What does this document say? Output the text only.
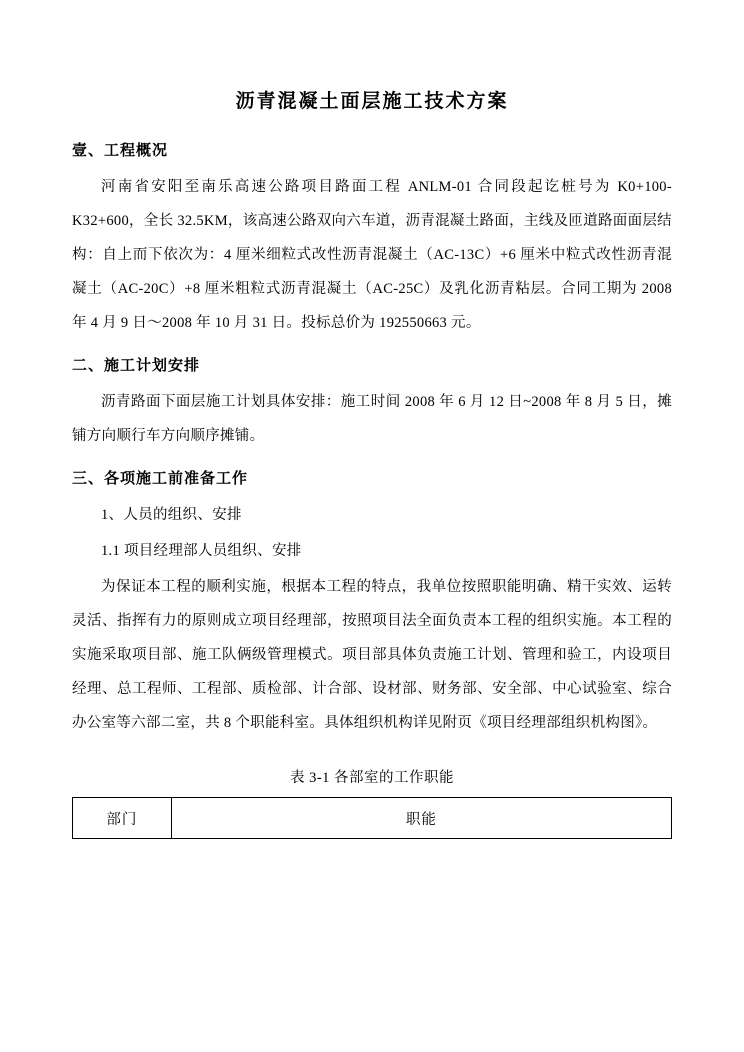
沥青混凝土面层施工技术方案
壹、工程概况

河南省安阳至南乐高速公路项目路面工程 ANLM-01 合同段起讫桩号为 K0+100-K32+600，全长 32.5KM，该高速公路双向六车道，沥青混凝土路面，主线及匝道路面面层结构：自上而下依次为：4 厘米细粒式改性沥青混凝土（AC-13C）+6 厘米中粒式改性沥青混凝土（AC-20C）+8 厘米粗粒式沥青混凝土（AC-25C）及乳化沥青粘层。合同工期为 2008 年 4 月 9 日～2008 年 10 月 31 日。投标总价为 192550663 元。

二、施工计划安排

沥青路面下面层施工计划具体安排：施工时间 2008 年 6 月 12 日~2008 年 8 月 5 日，摊铺方向顺行车方向顺序摊铺。

三、各项施工前准备工作

1、人员的组织、安排

1.1 项目经理部人员组织、安排

为保证本工程的顺利实施，根据本工程的特点，我单位按照职能明确、精干实效、运转灵活、指挥有力的原则成立项目经理部，按照项目法全面负责本工程的组织实施。本工程的实施采取项目部、施工队俩级管理模式。项目部具体负责施工计划、管理和验工，内设项目经理、总工程师、工程部、质检部、计合部、设材部、财务部、安全部、中心试验室、综合办公室等六部二室，共 8 个职能科室。具体组织机构详见附页《项目经理部组织机构图》。

表 3-1 各部室的工作职能
部门	职能
